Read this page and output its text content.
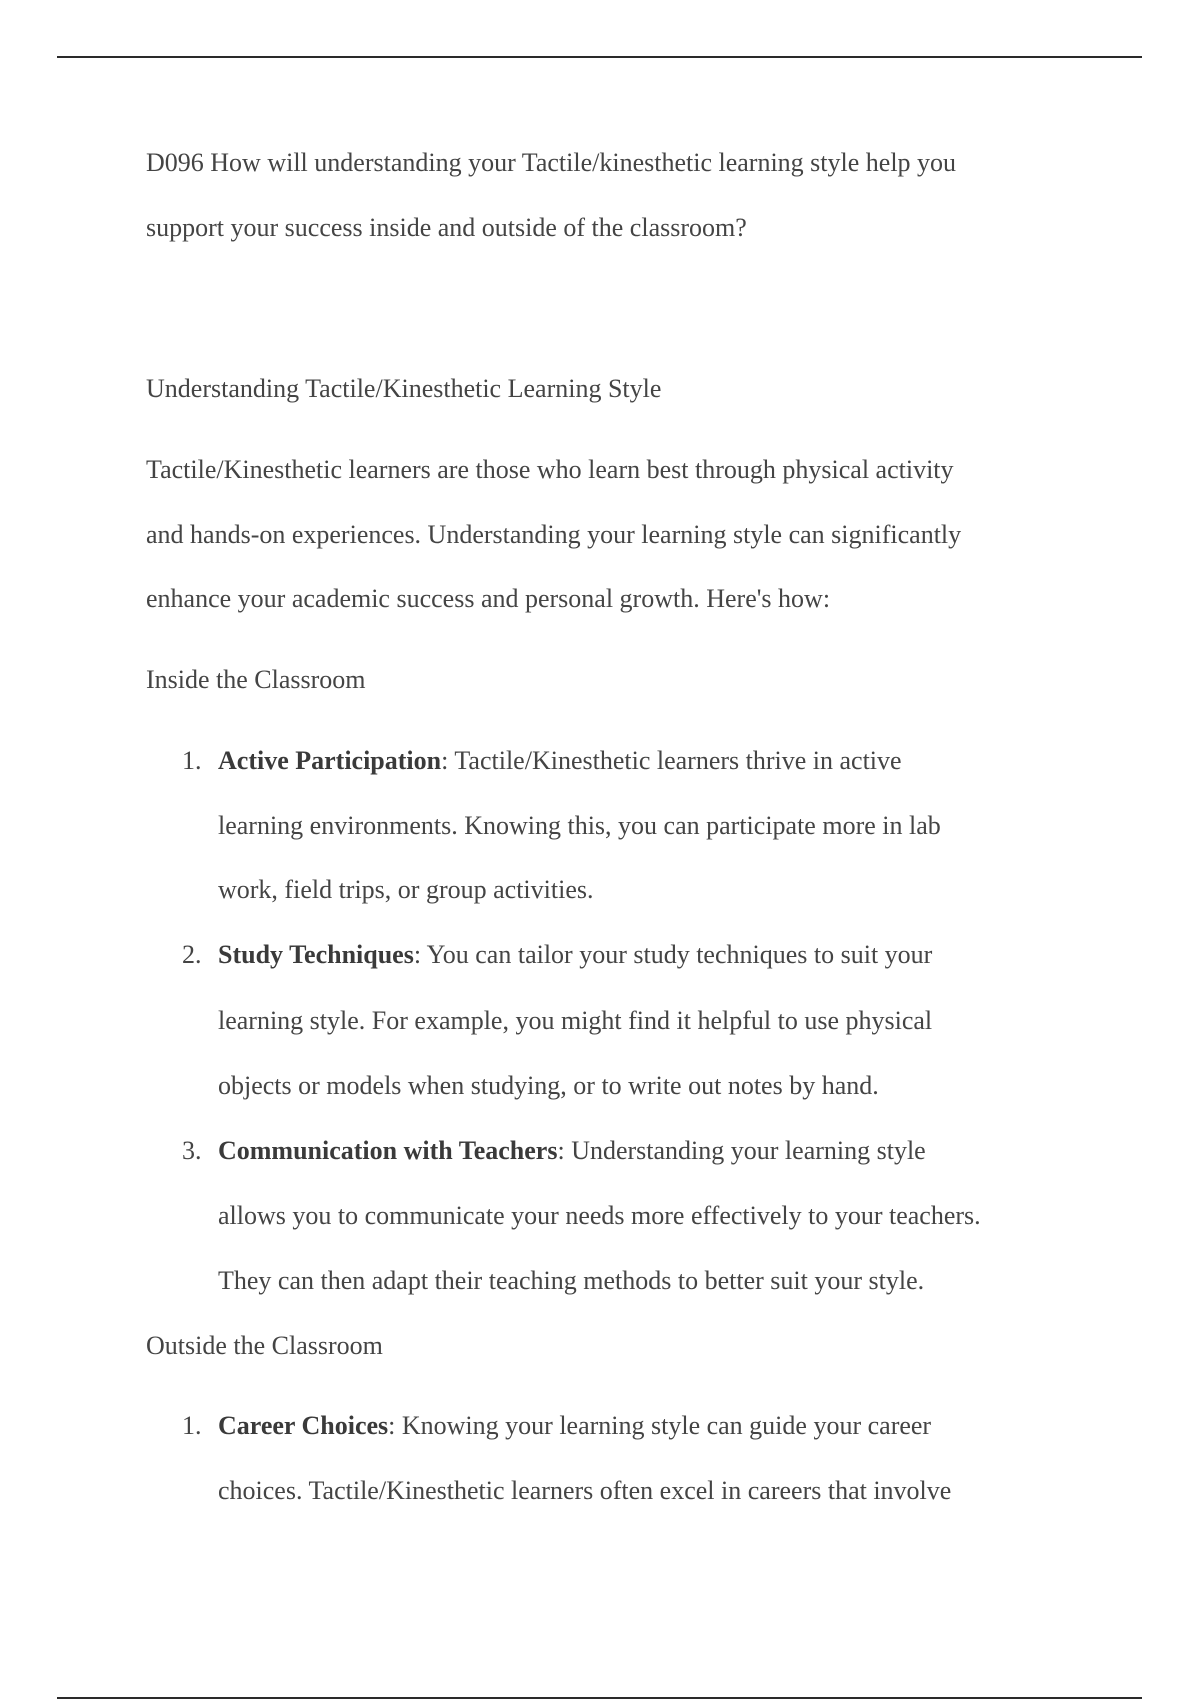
D096 How will understanding your Tactile/kinesthetic learning style help you
support your success inside and outside of the classroom?
Understanding Tactile/Kinesthetic Learning Style
Tactile/Kinesthetic learners are those who learn best through physical activity
and hands-on experiences. Understanding your learning style can significantly
enhance your academic success and personal growth. Here's how:
Inside the Classroom
1. Active Participation: Tactile/Kinesthetic learners thrive in active
learning environments. Knowing this, you can participate more in lab
work, field trips, or group activities.
2. Study Techniques: You can tailor your study techniques to suit your
learning style. For example, you might find it helpful to use physical
objects or models when studying, or to write out notes by hand.
3. Communication with Teachers: Understanding your learning style
allows you to communicate your needs more effectively to your teachers.
They can then adapt their teaching methods to better suit your style.
Outside the Classroom
1. Career Choices: Knowing your learning style can guide your career
choices. Tactile/Kinesthetic learners often excel in careers that involve
